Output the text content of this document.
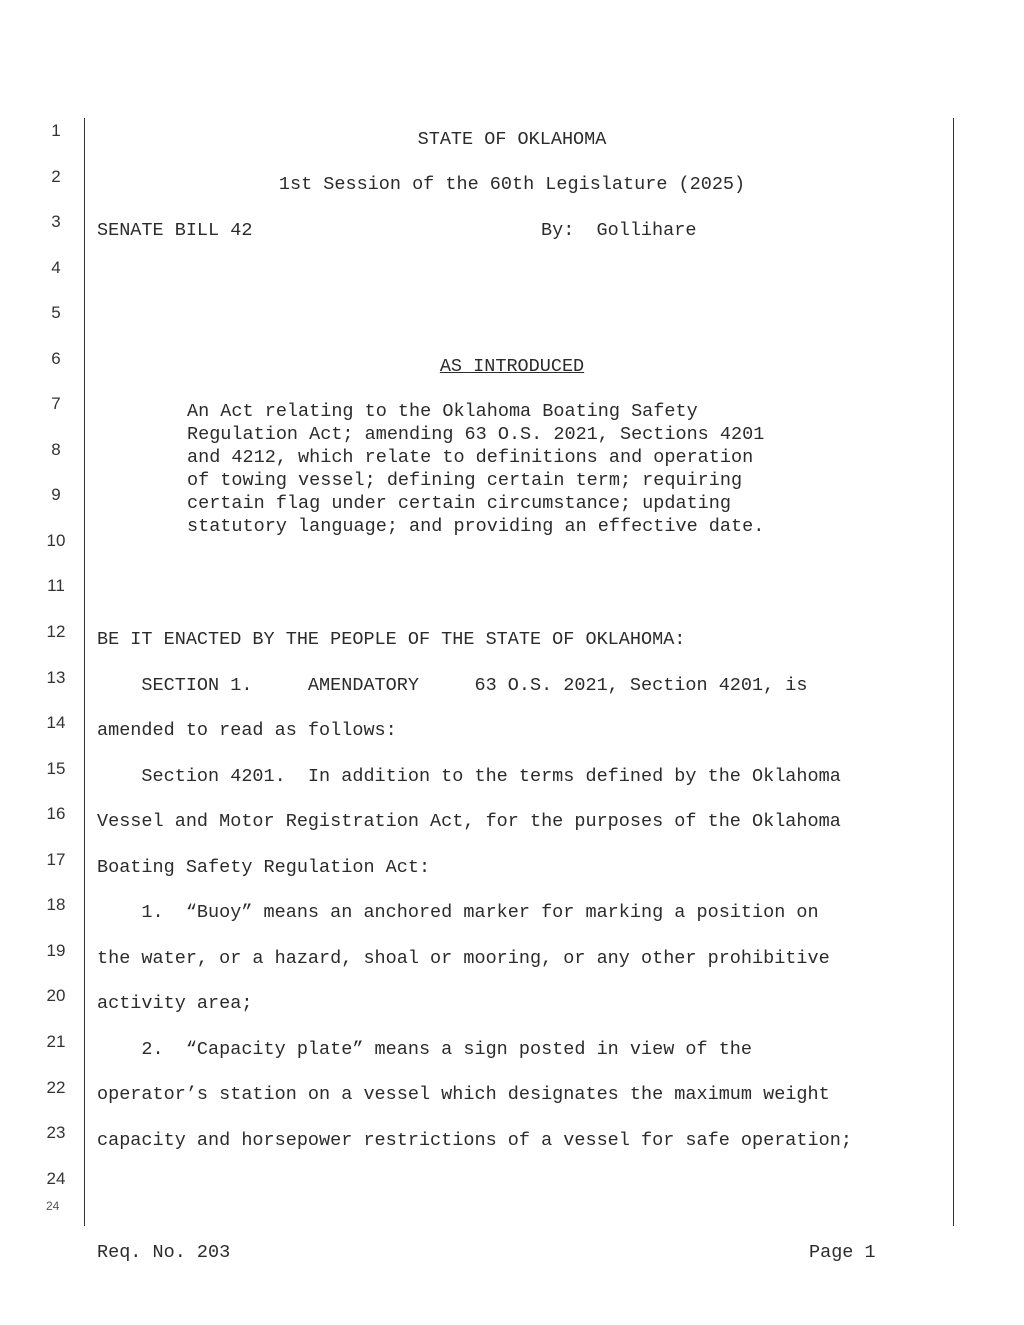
1
2
3
4
5
6
7
8
9
10
11
12
13
14
15
16
17
18
19
20
21
22
23
24
24
STATE OF OKLAHOMA
1st Session of the 60th Legislature (2025)
SENATE BILL 42	By:  Gollihare
AS INTRODUCED
An Act relating to the Oklahoma Boating Safety
Regulation Act; amending 63 O.S. 2021, Sections 4201
and 4212, which relate to definitions and operation
of towing vessel; defining certain term; requiring
certain flag under certain circumstance; updating
statutory language; and providing an effective date.
BE IT ENACTED BY THE PEOPLE OF THE STATE OF OKLAHOMA:
SECTION 1.     AMENDATORY     63 O.S. 2021, Section 4201, is
amended to read as follows:
Section 4201.  In addition to the terms defined by the Oklahoma
Vessel and Motor Registration Act, for the purposes of the Oklahoma
Boating Safety Regulation Act:
1.  “Buoy” means an anchored marker for marking a position on
the water, or a hazard, shoal or mooring, or any other prohibitive
activity area;
2.  “Capacity plate” means a sign posted in view of the
operator’s station on a vessel which designates the maximum weight
capacity and horsepower restrictions of a vessel for safe operation;
Req. No. 203	Page 1
